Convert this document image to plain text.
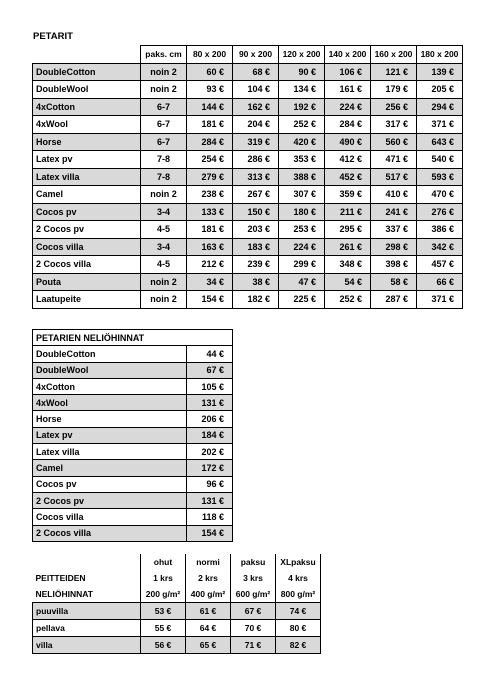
PETARIT
	paks. cm	80 x 200	90 x 200	120 x 200	140 x 200	160 x 200	180 x 200
DoubleCotton	noin 2	60 €	68 €	90 €	106 €	121 €	139 €
DoubleWool	noin 2	93 €	104 €	134 €	161 €	179 €	205 €
4xCotton	6-7	144 €	162 €	192 €	224 €	256 €	294 €
4xWool	6-7	181 €	204 €	252 €	284 €	317 €	371 €
Horse	6-7	284 €	319 €	420 €	490 €	560 €	643 €
Latex pv	7-8	254 €	286 €	353 €	412 €	471 €	540 €
Latex villa	7-8	279 €	313 €	388 €	452 €	517 €	593 €
Camel	noin 2	238 €	267 €	307 €	359 €	410 €	470 €
Cocos pv	3-4	133 €	150 €	180 €	211 €	241 €	276 €
2 Cocos pv	4-5	181 €	203 €	253 €	295 €	337 €	386 €
Cocos villa	3-4	163 €	183 €	224 €	261 €	298 €	342 €
2 Cocos villa	4-5	212 €	239 €	299 €	348 €	398 €	457 €
Pouta	noin 2	34 €	38 €	47 €	54 €	58 €	66 €
Laatupeite	noin 2	154 €	182 €	225 €	252 €	287 €	371 €
PETARIEN NELIÖHINNAT	
DoubleCotton	44 €
DoubleWool	67 €
4xCotton	105 €
4xWool	131 €
Horse	206 €
Latex pv	184 €
Latex villa	202 €
Camel	172 €
Cocos pv	96 €
2 Cocos pv	131 €
Cocos villa	118 €
2 Cocos villa	154 €
	ohut	normi	paksu	XLpaksu
PEITTEIDEN	1 krs	2 krs	3 krs	4 krs
NELIÖHINNAT	200 g/m²	400 g/m²	600 g/m²	800 g/m²
puuvilla	53 €	61 €	67 €	74 €
pellava	55 €	64 €	70 €	80 €
villa	56 €	65 €	71 €	82 €
